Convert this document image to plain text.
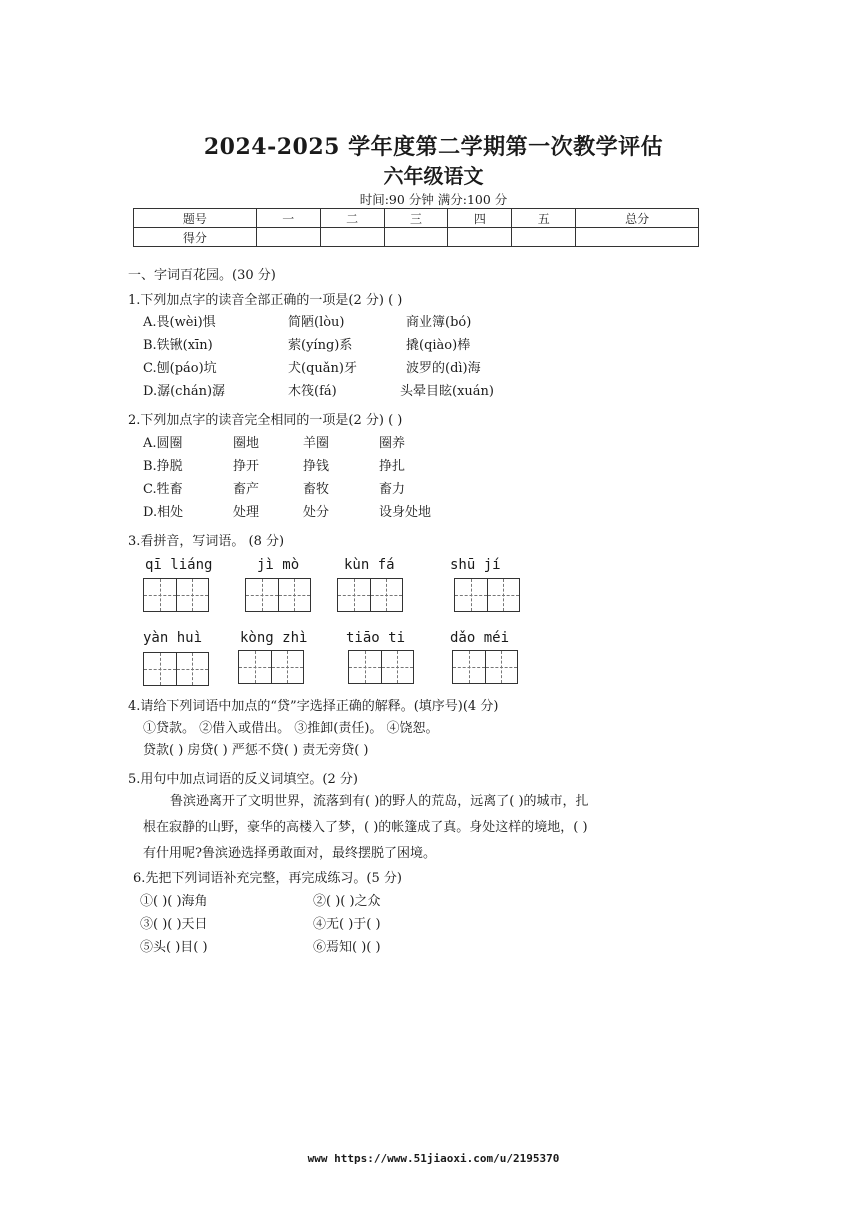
2024-2025 学年度第二学期第一次教学评估
六年级语文
时间:90 分钟 满分:100 分
题号	一	二	三	四	五	总分
得分						
一、字词百花园。(30 分)
1.下列加点字的读音全部正确的一项是(2 分) ( )
A.畏(wèi)惧	简陋(lòu)	商业簿(bó)
B.铁锹(xīn)	萦(yíng)系	撬(qiào)棒
C.刨(páo)坑	犬(quǎn)牙	波罗的(dì)海
D.潺(chán)潺	木筏(fá)	头晕目眩(xuán)
2.下列加点字的读音完全相同的一项是(2 分) ( )
A.圆圈	圈地	羊圈	圈养
B.挣脱	挣开	挣钱	挣扎
C.牲畜	畜产	畜牧	畜力
D.相处	处理	处分	设身处地
3.看拼音，写词语。 (8 分)
qī liáng	jì mò	kùn fá	shū jí
yàn huì	kòng zhì	tiāo ti	dǎo méi
4.请给下列词语中加点的“贷”字选择正确的解释。(填序号)(4 分)
①贷款。 ②借入或借出。 ③推卸(责任)。 ④饶恕。
贷款( ) 房贷( ) 严惩不贷( ) 责无旁贷( )
5.用句中加点词语的反义词填空。(2 分)
鲁滨逊离开了文明世界，流落到有( )的野人的荒岛，远离了( )的城市，扎
根在寂静的山野，豪华的高楼入了梦，( )的帐篷成了真。身处这样的境地，( )
有什用呢?鲁滨逊选择勇敢面对，最终摆脱了困境。
6.先把下列词语补充完整，再完成练习。(5 分)
①( )( )海角	②( )( )之众
③( )( )天日	④无( )于( )
⑤头( )目( )	⑥焉知( )( )
www https://www.51jiaoxi.com/u/2195370
